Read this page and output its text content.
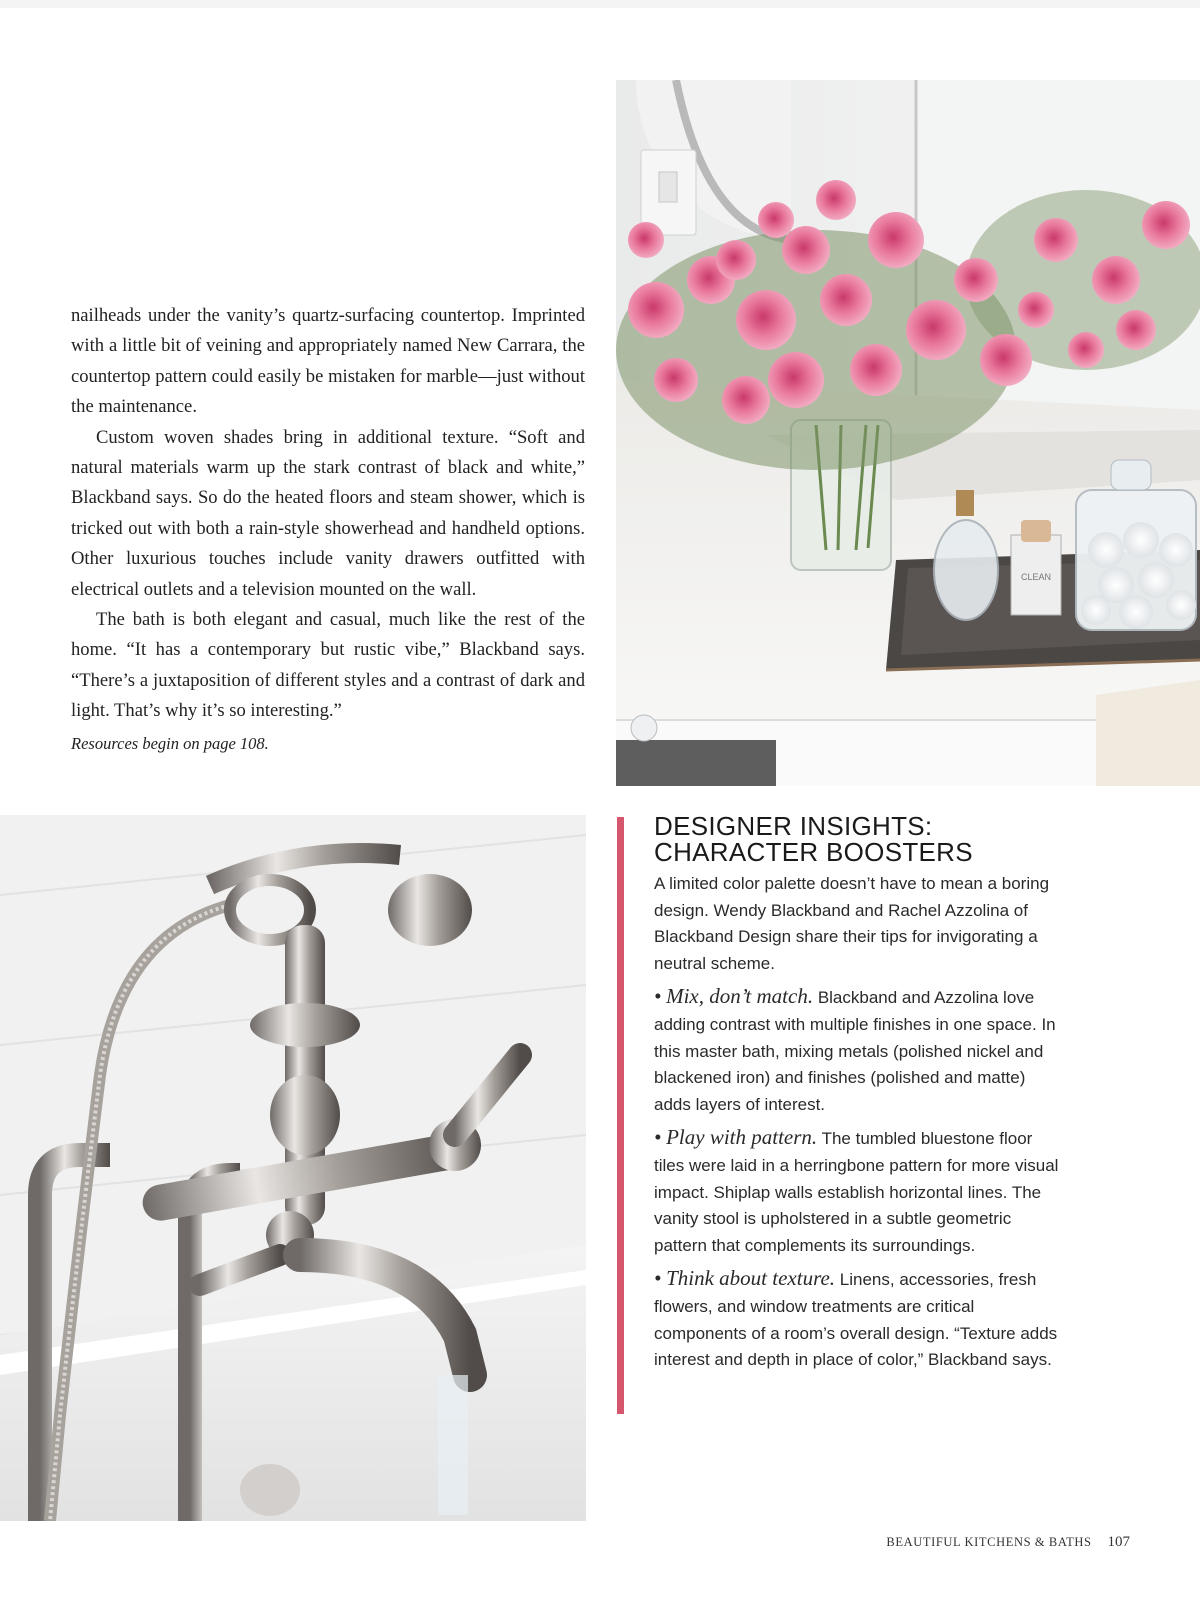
nailheads under the vanity’s quartz-surfacing countertop. Imprinted with a little bit of veining and appropriately named New Carrara, the countertop pattern could easily be mistaken for marble—just without the maintenance.

Custom woven shades bring in additional texture. “Soft and natural materials warm up the stark contrast of black and white,” Blackband says. So do the heated floors and steam shower, which is tricked out with both a rain-style showerhead and handheld options. Other luxurious touches include vanity drawers outfitted with electrical outlets and a television mounted on the wall.

The bath is both elegant and casual, much like the rest of the home. “It has a contemporary but rustic vibe,” Blackband says. “There’s a juxtaposition of different styles and a contrast of dark and light. That’s why it’s so interesting.”

Resources begin on page 108.

CLEAN
DESIGNER INSIGHTS:
CHARACTER BOOSTERS

A limited color palette doesn’t have to mean a boring design. Wendy Blackband and Rachel Azzolina of Blackband Design share their tips for invigorating a neutral scheme.

• Mix, don’t match. Blackband and Azzolina love adding contrast with multiple finishes in one space. In this master bath, mixing metals (polished nickel and blackened iron) and finishes (polished and matte) adds layers of interest.

• Play with pattern. The tumbled bluestone floor tiles were laid in a herringbone pattern for more visual impact. Shiplap walls establish horizontal lines. The vanity stool is upholstered in a subtle geometric pattern that complements its surroundings.

• Think about texture. Linens, accessories, fresh flowers, and window treatments are critical components of a room’s overall design. “Texture adds interest and depth in place of color,” Blackband says.

BEAUTIFUL KITCHENS & BATHS 107
